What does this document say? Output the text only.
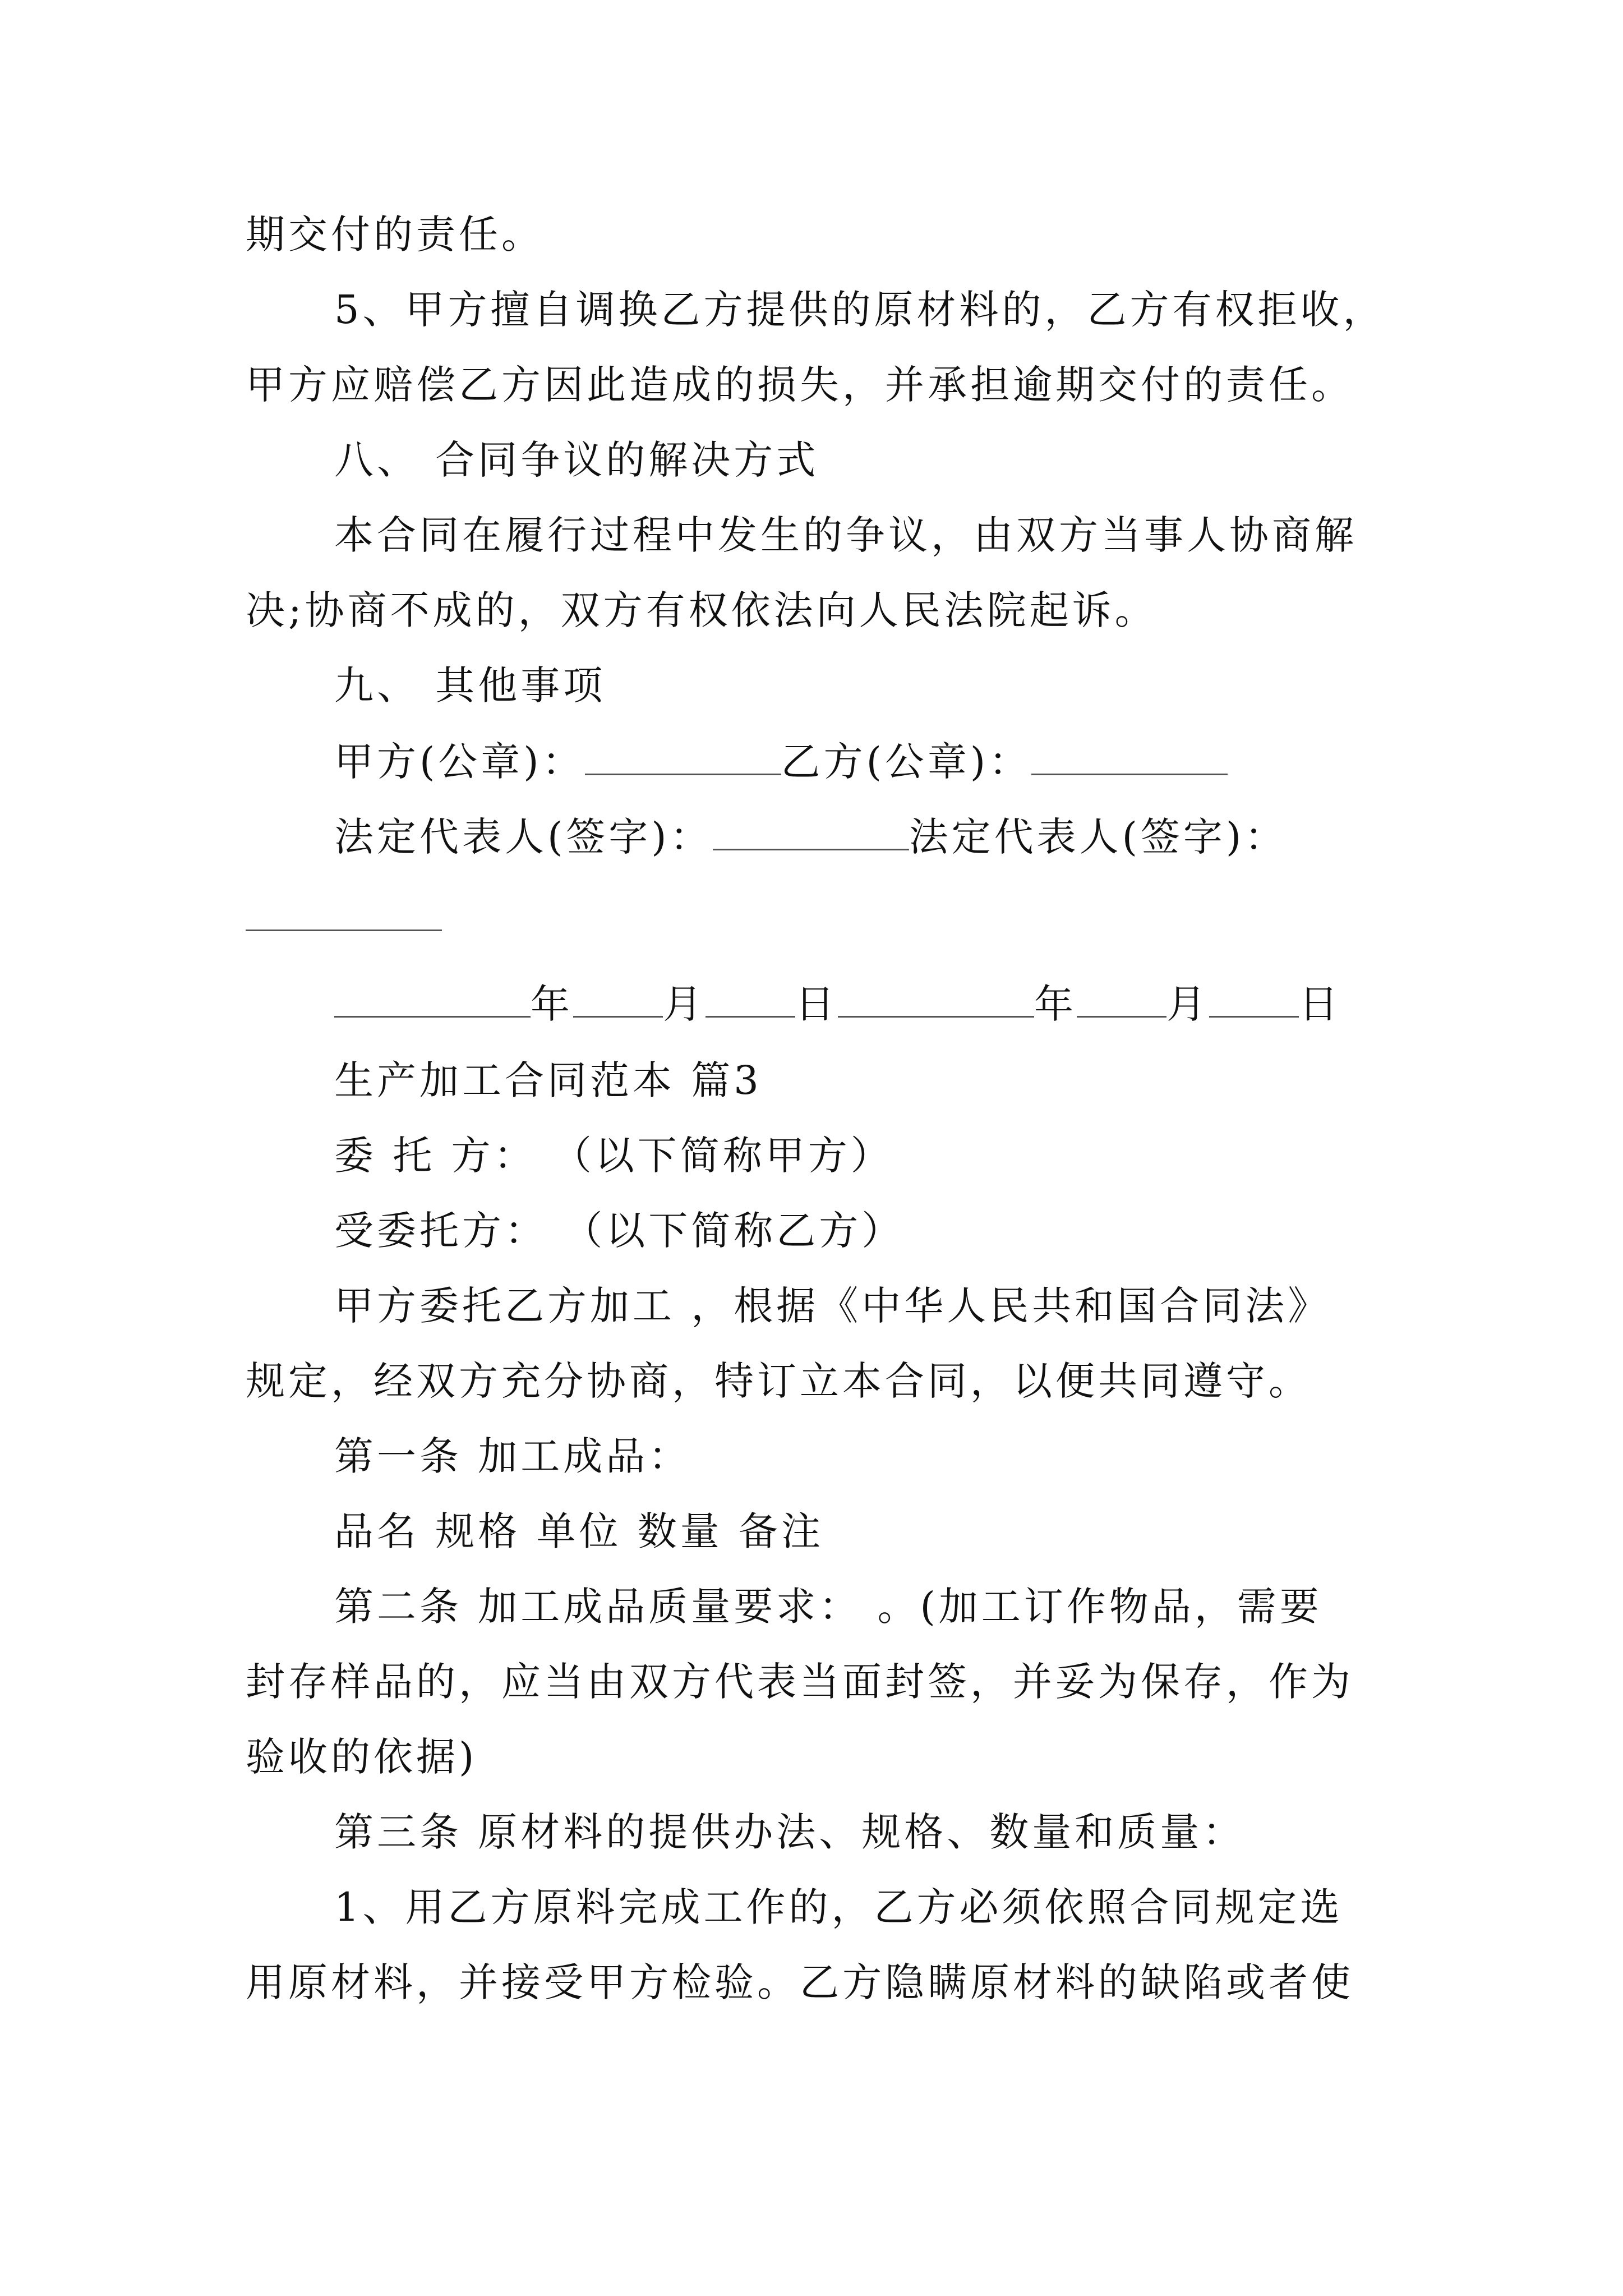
期交付的责任。
5、甲方擅自调换乙方提供的原材料的，乙方有权拒收，
甲方应赔偿乙方因此造成的损失，并承担逾期交付的责任。
八、 合同争议的解决方式
本合同在履行过程中发生的争议，由双方当事人协商解
决;协商不成的，双方有权依法向人民法院起诉。
九、 其他事项
甲方(公章)：	乙方(公章)：
法定代表人(签字)：	法定代表人(签字)：
年 月 日	年 月 日
生产加工合同范本 篇3
委 托 方： （以下简称甲方）
受委托方： （以下简称乙方）
甲方委托乙方加工 ，根据《中华人民共和国合同法》
规定，经双方充分协商，特订立本合同，以便共同遵守。
第一条 加工成品：
品名 规格 单位 数量 备注
第二条 加工成品质量要求： 。(加工订作物品，需要
封存样品的，应当由双方代表当面封签，并妥为保存，作为
验收的依据)
第三条 原材料的提供办法、规格、数量和质量：
1、用乙方原料完成工作的，乙方必须依照合同规定选
用原材料，并接受甲方检验。乙方隐瞒原材料的缺陷或者使
